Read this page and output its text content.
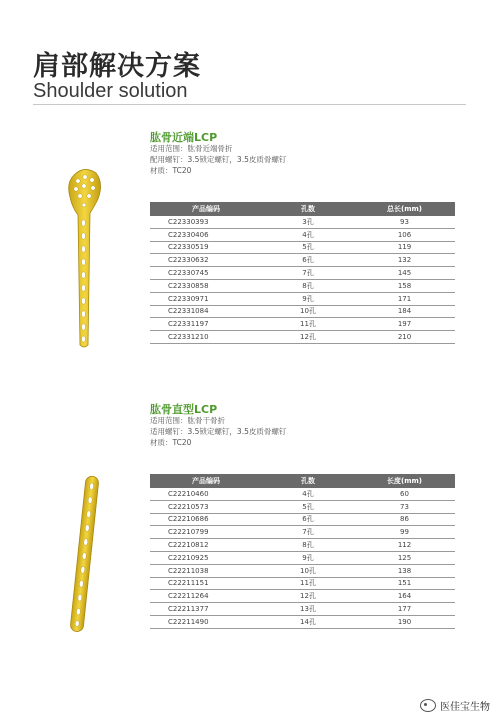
肩部解决方案
Shoulder solution
肱骨近端LCP
适用范围：肱骨近端骨折
配用螺钉：3.5锁定螺钉，3.5皮质骨螺钉
材质：TC20
产品编码	孔数	总长(mm)
C22330393	3孔	93
C22330406	4孔	106
C22330519	5孔	119
C22330632	6孔	132
C22330745	7孔	145
C22330858	8孔	158
C22330971	9孔	171
C22331084	10孔	184
C22331197	11孔	197
C22331210	12孔	210
肱骨直型LCP
适用范围：肱骨干骨折
适用螺钉：3.5锁定螺钉，3.5皮质骨螺钉
材质：TC20
产品编码	孔数	长度(mm)
C22210460	4孔	60
C22210573	5孔	73
C22210686	6孔	86
C22210799	7孔	99
C22210812	8孔	112
C22210925	9孔	125
C22211038	10孔	138
C22211151	11孔	151
C22211264	12孔	164
C22211377	13孔	177
C22211490	14孔	190
医佳宝生物
